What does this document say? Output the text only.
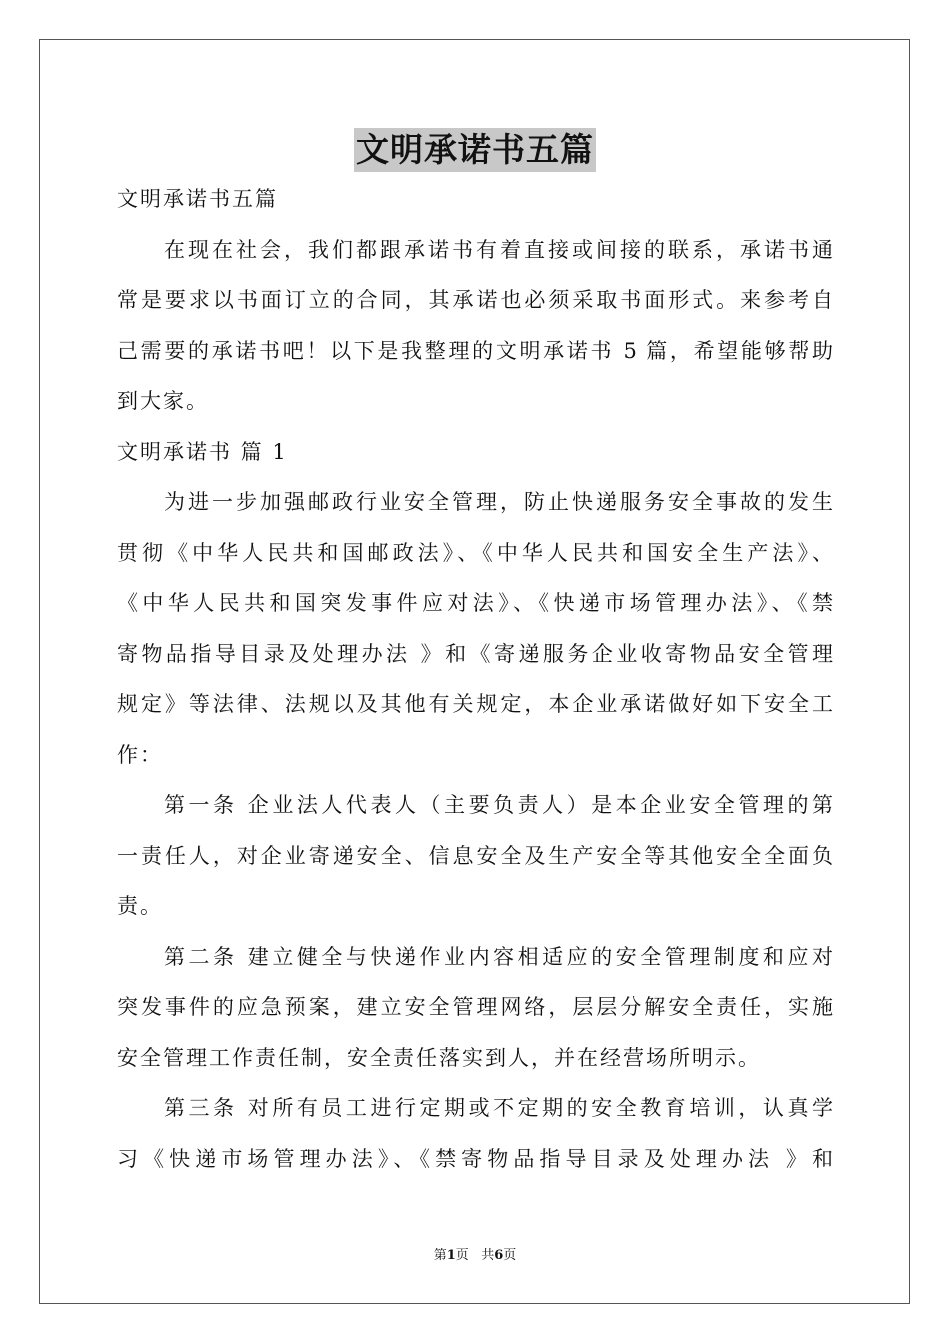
文明承诺书五篇
文明承诺书五篇
在现在社会，我们都跟承诺书有着直接或间接的联系，承诺书通
常是要求以书面订立的合同，其承诺也必须采取书面形式。来参考自
己需要的承诺书吧！以下是我整理的文明承诺书 5 篇，希望能够帮助
到大家。
文明承诺书 篇 1
为进一步加强邮政行业安全管理，防止快递服务安全事故的发生
贯彻《中华人民共和国邮政法》、《中华人民共和国安全生产法》、
《中华人民共和国突发事件应对法》、《快递市场管理办法》、《禁
寄物品指导目录及处理办法 》和《寄递服务企业收寄物品安全管理
规定》等法律、法规以及其他有关规定，本企业承诺做好如下安全工
作：
第一条 企业法人代表人（主要负责人）是本企业安全管理的第
一责任人，对企业寄递安全、信息安全及生产安全等其他安全全面负
责。
第二条 建立健全与快递作业内容相适应的安全管理制度和应对
突发事件的应急预案，建立安全管理网络，层层分解安全责任，实施
安全管理工作责任制，安全责任落实到人，并在经营场所明示。
第三条 对所有员工进行定期或不定期的安全教育培训，认真学
习《快递市场管理办法》、《禁寄物品指导目录及处理办法 》和
第1页 共6页
